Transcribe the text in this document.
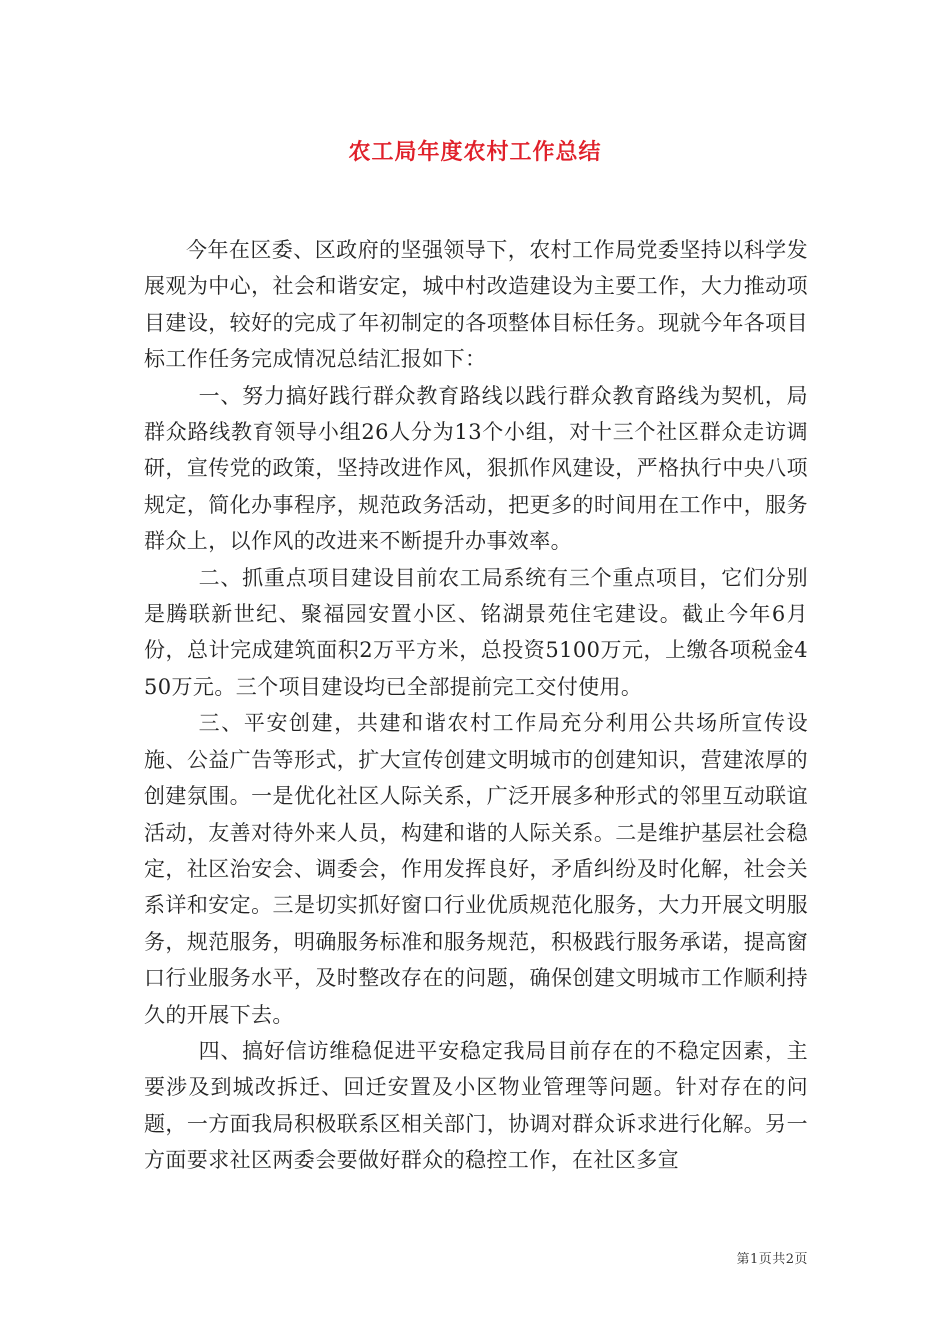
农工局年度农村工作总结

今年在区委、区政府的坚强领导下，农村工作局党委坚持以科学发展观为中心，社会和谐安定，城中村改造建设为主要工作，大力推动项目建设，较好的完成了年初制定的各项整体目标任务。现就今年各项目标工作任务完成情况总结汇报如下：

一、努力搞好践行群众教育路线以践行群众教育路线为契机，局群众路线教育领导小组26人分为13个小组，对十三个社区群众走访调研，宣传党的政策，坚持改进作风，狠抓作风建设，严格执行中央八项规定，简化办事程序，规范政务活动，把更多的时间用在工作中，服务群众上，以作风的改进来不断提升办事效率。

二、抓重点项目建设目前农工局系统有三个重点项目，它们分别是腾联新世纪、聚福园安置小区、铭湖景苑住宅建设。截止今年6月份，总计完成建筑面积2万平方米，总投资5100万元，上缴各项税金450万元。三个项目建设均已全部提前完工交付使用。

三、平安创建，共建和谐农村工作局充分利用公共场所宣传设施、公益广告等形式，扩大宣传创建文明城市的创建知识，营建浓厚的创建氛围。一是优化社区人际关系，广泛开展多种形式的邻里互动联谊活动，友善对待外来人员，构建和谐的人际关系。二是维护基层社会稳定，社区治安会、调委会，作用发挥良好，矛盾纠纷及时化解，社会关系详和安定。三是切实抓好窗口行业优质规范化服务，大力开展文明服务，规范服务，明确服务标准和服务规范，积极践行服务承诺，提高窗口行业服务水平，及时整改存在的问题，确保创建文明城市工作顺利持久的开展下去。

四、搞好信访维稳促进平安稳定我局目前存在的不稳定因素，主要涉及到城改拆迁、回迁安置及小区物业管理等问题。针对存在的问题，一方面我局积极联系区相关部门，协调对群众诉求进行化解。另一方面要求社区两委会要做好群众的稳控工作，在社区多宣

第1页共2页
